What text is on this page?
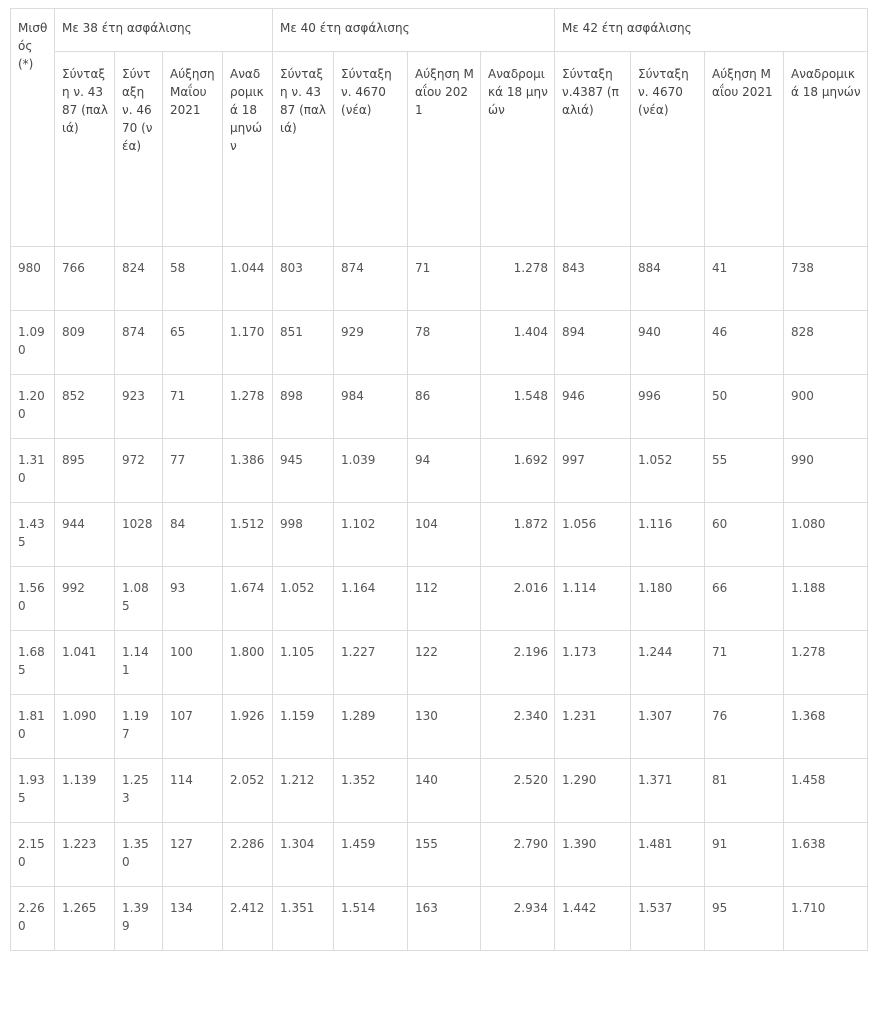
Μισθός (*)	Με 38 έτη ασφάλισης				Με 40 έτη ασφάλισης				Με 42 έτη ασφάλισης			
	Σύνταξη ν. 4387 (παλιά)	Σύνταξη ν. 4670 (νέα)	Αύξηση Μαΐου 2021	Αναδρομικά 18 μηνών	Σύνταξη ν. 4387 (παλιά)	Σύνταξη ν. 4670 (νέα)	Αύξηση Μαΐου 2021	Αναδρομικά 18 μηνών	Σύνταξη ν.4387 (παλιά)	Σύνταξη ν. 4670 (νέα)	Αύξηση Μαΐου 2021	Αναδρομικά 18 μηνών
980	766	824	58	1.044	803	874	71	1.278	843	884	41	738
1.090	809	874	65	1.170	851	929	78	1.404	894	940	46	828
1.200	852	923	71	1.278	898	984	86	1.548	946	996	50	900
1.310	895	972	77	1.386	945	1.039	94	1.692	997	1.052	55	990
1.435	944	1028	84	1.512	998	1.102	104	1.872	1.056	1.116	60	1.080
1.560	992	1.085	93	1.674	1.052	1.164	112	2.016	1.114	1.180	66	1.188
1.685	1.041	1.141	100	1.800	1.105	1.227	122	2.196	1.173	1.244	71	1.278
1.810	1.090	1.197	107	1.926	1.159	1.289	130	2.340	1.231	1.307	76	1.368
1.935	1.139	1.253	114	2.052	1.212	1.352	140	2.520	1.290	1.371	81	1.458
2.150	1.223	1.350	127	2.286	1.304	1.459	155	2.790	1.390	1.481	91	1.638
2.260	1.265	1.399	134	2.412	1.351	1.514	163	2.934	1.442	1.537	95	1.710
